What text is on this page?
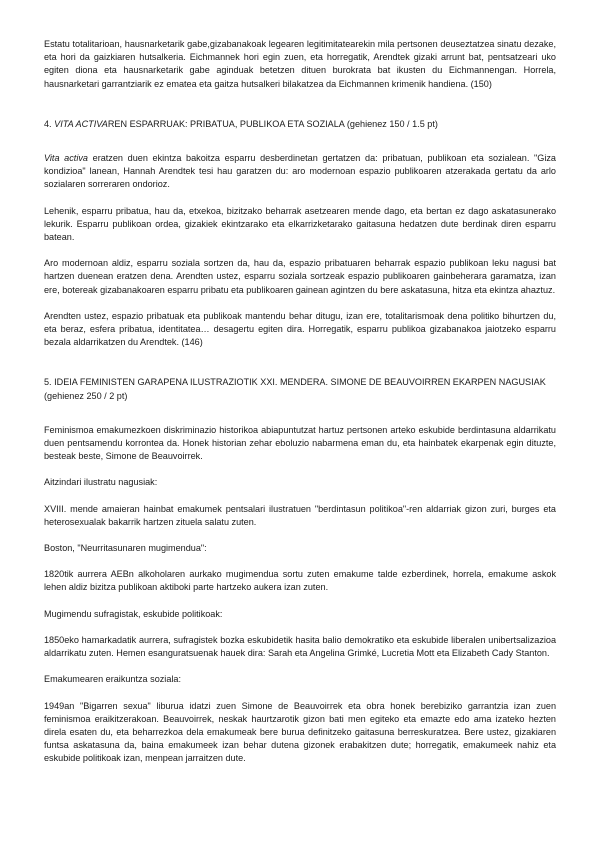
Estatu totalitarioan, hausnarketarik gabe,gizabanakoak legearen legitimitatearekin mila pertsonen deuseztatzea sinatu dezake, eta hori da gaizkiaren hutsalkeria. Eichmannek hori egin zuen, eta horregatik, Arendtek gizaki arrunt bat, pentsatzeari uko egiten diona eta hausnarketarik gabe aginduak betetzen dituen burokrata bat ikusten du Eichmannengan. Horrela, hausnarketari garrantziarik ez ematea eta gaitza hutsalkeri bilakatzea da Eichmannen krimenik handiena. (150)

4. VITA ACTIVAREN ESPARRUAK: PRIBATUA, PUBLIKOA ETA SOZIALA (gehienez 150 / 1.5 pt)

Vita activa eratzen duen ekintza bakoitza esparru desberdinetan gertatzen da: pribatuan, publikoan eta sozialean. "Giza kondizioa" lanean, Hannah Arendtek tesi hau garatzen du: aro modernoan espazio publikoaren atzerakada gertatu da arlo sozialaren sorreraren ondorioz.

Lehenik, esparru pribatua, hau da, etxekoa, bizitzako beharrak asetzearen mende dago, eta bertan ez dago askatasunerako lekurik. Esparru publikoan ordea, gizakiek ekintzarako eta elkarrizketarako gaitasuna hedatzen dute berdinak diren esparru batean.

Aro modernoan aldiz, esparru soziala sortzen da, hau da, espazio pribatuaren beharrak espazio publikoan leku nagusi bat hartzen duenean eratzen dena. Arendten ustez, esparru soziala sortzeak espazio publikoaren gainbeherara garamatza, izan ere, botereak gizabanakoaren esparru pribatu eta publikoaren gainean agintzen du bere askatasuna, hitza eta ekintza ahaztuz.

Arendten ustez, espazio pribatuak eta publikoak mantendu behar ditugu, izan ere, totalitarismoak dena politiko bihurtzen du, eta beraz, esfera pribatua, identitatea… desagertu egiten dira. Horregatik, esparru publikoa gizabanakoa jaiotzeko esparru bezala aldarrikatzen du Arendtek. (146)

5. IDEIA FEMINISTEN GARAPENA ILUSTRAZIOTIK XXI. MENDERA. SIMONE DE BEAUVOIRREN EKARPEN NAGUSIAK (gehienez 250 / 2 pt)

Feminismoa emakumezkoen diskriminazio historikoa abiapuntutzat hartuz pertsonen arteko eskubide berdintasuna aldarrikatu duen pentsamendu korrontea da. Honek historian zehar eboluzio nabarmena eman du, eta hainbatek ekarpenak egin dituzte, besteak beste, Simone de Beauvoirrek.

Aitzindari ilustratu nagusiak:

XVIII. mende amaieran hainbat emakumek pentsalari ilustratuen "berdintasun politikoa"-ren aldarriak gizon zuri, burges eta heterosexualak bakarrik hartzen zituela salatu zuten.

Boston, "Neurritasunaren mugimendua":

1820tik aurrera AEBn alkoholaren aurkako mugimendua sortu zuten emakume talde ezberdinek, horrela, emakume askok lehen aldiz bizitza publikoan aktiboki parte hartzeko aukera izan zuten.

Mugimendu sufragistak, eskubide politikoak:

1850eko hamarkadatik aurrera, sufragistek bozka eskubidetik hasita balio demokratiko eta eskubide liberalen unibertsalizazioa aldarrikatu zuten. Hemen esanguratsuenak hauek dira: Sarah eta Angelina Grimké, Lucretia Mott eta Elizabeth Cady Stanton.

Emakumearen eraikuntza soziala:

1949an "Bigarren sexua" liburua idatzi zuen Simone de Beauvoirrek eta obra honek berebiziko garrantzia izan zuen feminismoa eraikitzerakoan. Beauvoirrek, neskak haurtzarotik gizon bati men egiteko eta emazte edo ama izateko hezten direla esaten du, eta beharrezkoa dela emakumeak bere burua definitzeko gaitasuna berreskuratzea. Bere ustez, gizakiaren funtsa askatasuna da, baina emakumeek izan behar dutena gizonek erabakitzen dute; horregatik, emakumeek nahiz eta eskubide politikoak izan, menpean jarraitzen dute.
